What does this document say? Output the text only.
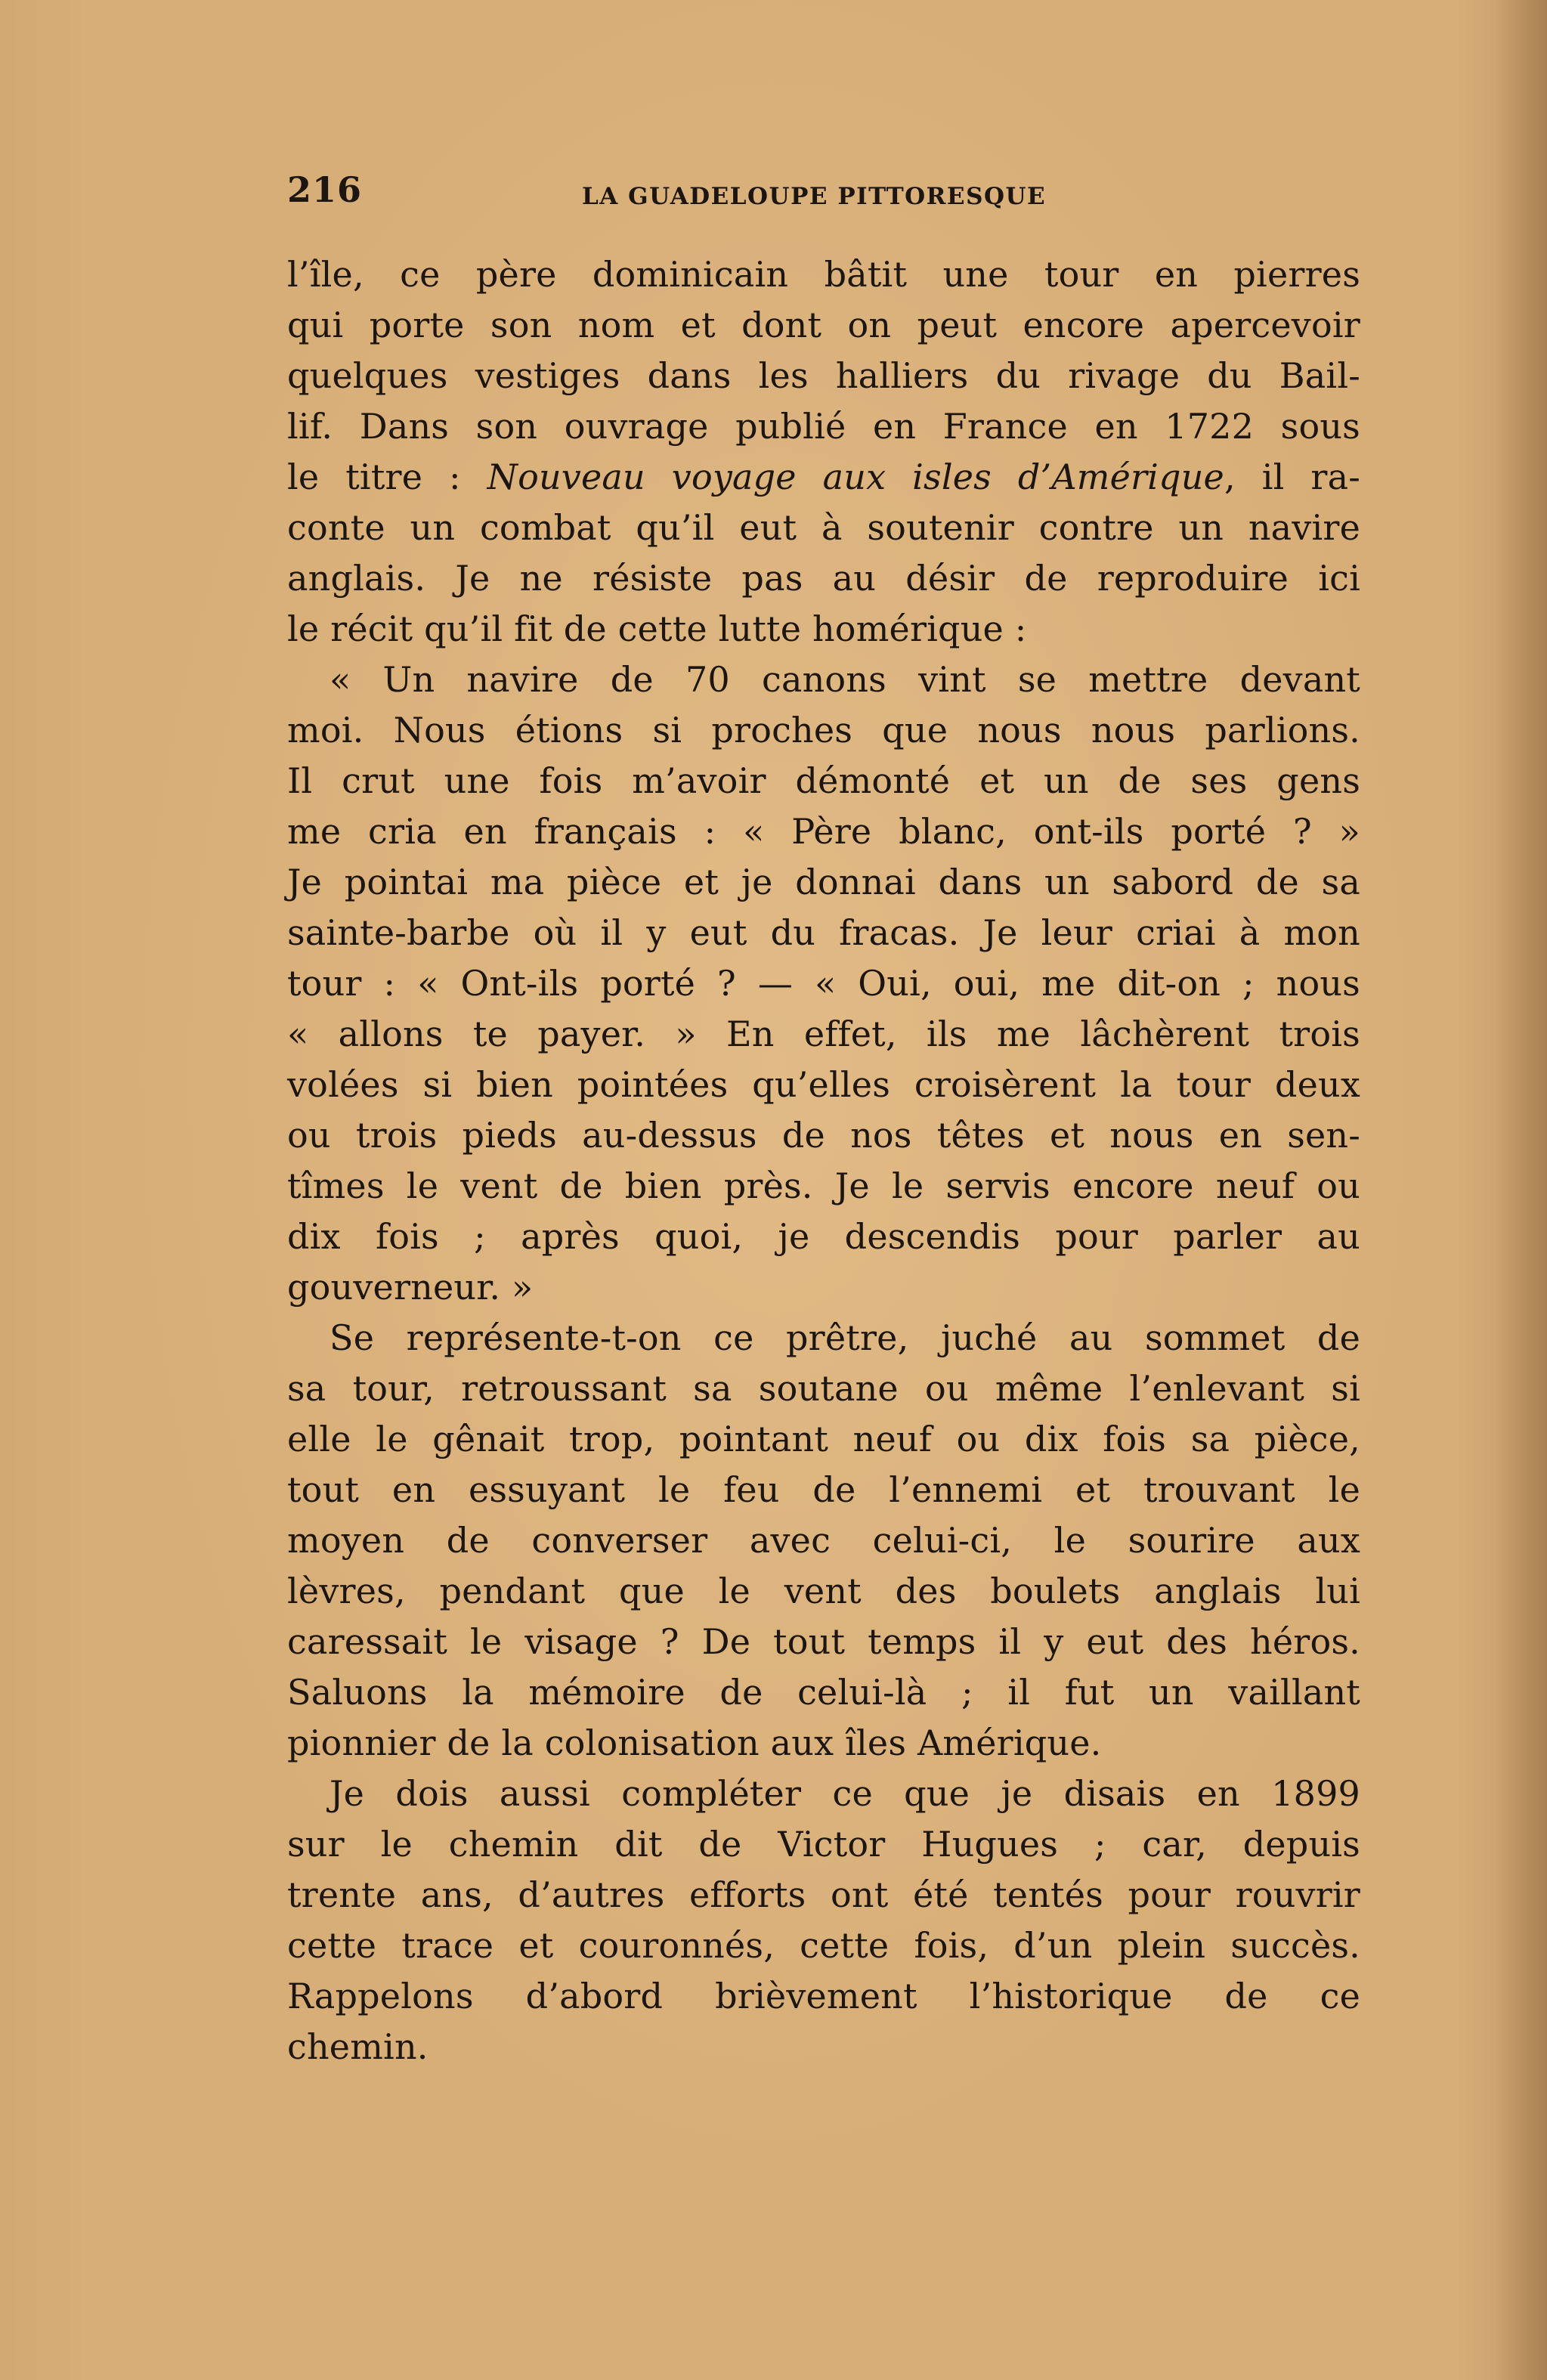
216	LA GUADELOUPE PITTORESQUE
l’île, ce père dominicain bâtit une tour en pierres
qui porte son nom et dont on peut encore apercevoir
quelques vestiges dans les halliers du rivage du Bail-
lif. Dans son ouvrage publié en France en 1722 sous
le titre : Nouveau voyage aux isles d’Amérique, il ra-
conte un combat qu’il eut à soutenir contre un navire
anglais. Je ne résiste pas au désir de reproduire ici
le récit qu’il fit de cette lutte homérique :
« Un navire de 70 canons vint se mettre devant
moi. Nous étions si proches que nous nous parlions.
Il crut une fois m’avoir démonté et un de ses gens
me cria en français : « Père blanc, ont-ils porté ? »
Je pointai ma pièce et je donnai dans un sabord de sa
sainte-barbe où il y eut du fracas. Je leur criai à mon
tour : « Ont-ils porté ? — « Oui, oui, me dit-on ; nous
« allons te payer. » En effet, ils me lâchèrent trois
volées si bien pointées qu’elles croisèrent la tour deux
ou trois pieds au-dessus de nos têtes et nous en sen-
tîmes le vent de bien près. Je le servis encore neuf ou
dix fois ; après quoi, je descendis pour parler au
gouverneur. »
Se représente-t-on ce prêtre, juché au sommet de
sa tour, retroussant sa soutane ou même l’enlevant si
elle le gênait trop, pointant neuf ou dix fois sa pièce,
tout en essuyant le feu de l’ennemi et trouvant le
moyen de converser avec celui-ci, le sourire aux
lèvres, pendant que le vent des boulets anglais lui
caressait le visage ? De tout temps il y eut des héros.
Saluons la mémoire de celui-là ; il fut un vaillant
pionnier de la colonisation aux îles Amérique.
Je dois aussi compléter ce que je disais en 1899
sur le chemin dit de Victor Hugues ; car, depuis
trente ans, d’autres efforts ont été tentés pour rouvrir
cette trace et couronnés, cette fois, d’un plein succès.
Rappelons d’abord brièvement l’historique de ce
chemin.
